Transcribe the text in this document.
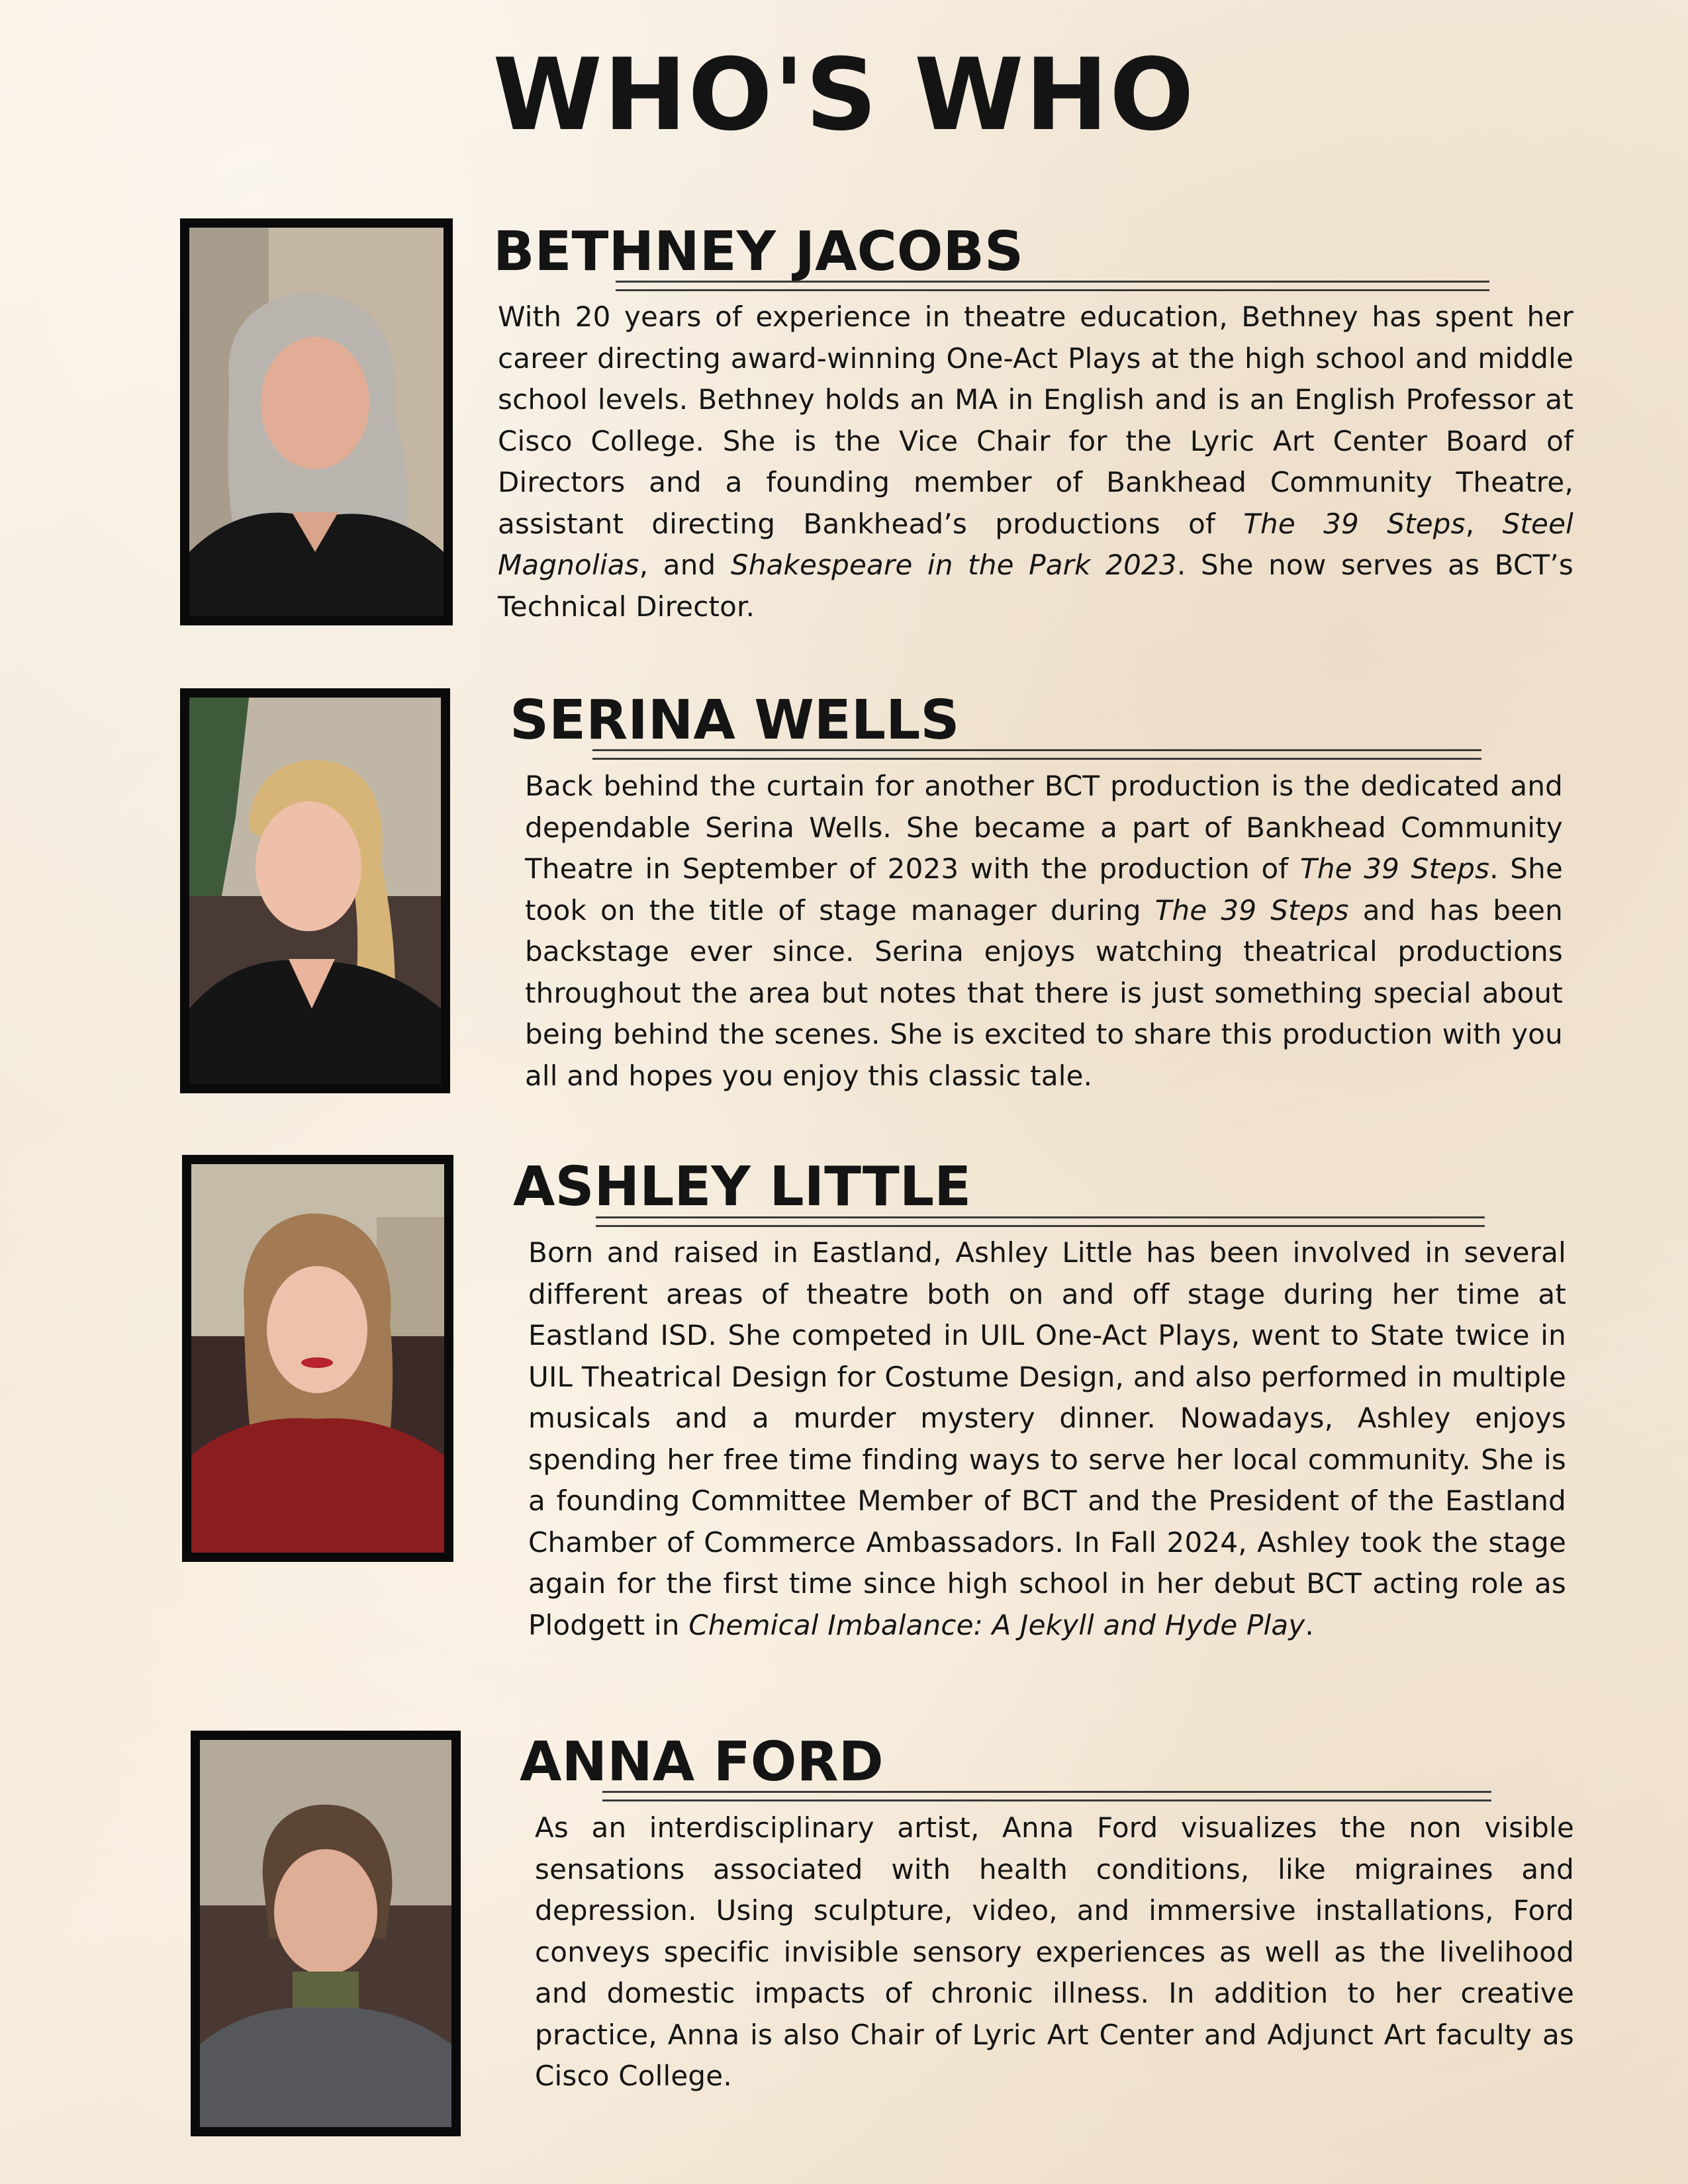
WHO'S WHO
BETHNEY JACOBS

With 20 years of experience in theatre education, Bethney has spent her career directing award-winning One-Act Plays at the high school and middle school levels. Bethney holds an MA in English and is an English Professor at Cisco College. She is the Vice Chair for the Lyric Art Center Board of Directors and a founding member of Bankhead Community Theatre, assistant directing Bankhead’s productions of The 39 Steps, Steel Magnolias, and Shakespeare in the Park 2023. She now serves as BCT’s Technical Director.

SERINA WELLS

Back behind the curtain for another BCT production is the dedicated and dependable Serina Wells. She became a part of Bankhead Community Theatre in September of 2023 with the production of The 39 Steps. She took on the title of stage manager during The 39 Steps and has been backstage ever since. Serina enjoys watching theatrical productions throughout the area but notes that there is just something special about being behind the scenes. She is excited to share this production with you all and hopes you enjoy this classic tale.

ASHLEY LITTLE

Born and raised in Eastland, Ashley Little has been involved in several different areas of theatre both on and off stage during her time at Eastland ISD. She competed in UIL One-Act Plays, went to State twice in UIL Theatrical Design for Costume Design, and also performed in multiple musicals and a murder mystery dinner. Nowadays, Ashley enjoys spending her free time finding ways to serve her local community. She is a founding Committee Member of BCT and the President of the Eastland Chamber of Commerce Ambassadors. In Fall 2024, Ashley took the stage again for the first time since high school in her debut BCT acting role as Plodgett in Chemical Imbalance: A Jekyll and Hyde Play.

ANNA FORD

As an interdisciplinary artist, Anna Ford visualizes the non visible sensations associated with health conditions, like migraines and depression. Using sculpture, video, and immersive installations, Ford conveys specific invisible sensory experiences as well as the livelihood and domestic impacts of chronic illness. In addition to her creative practice, Anna is also Chair of Lyric Art Center and Adjunct Art faculty as Cisco College.
